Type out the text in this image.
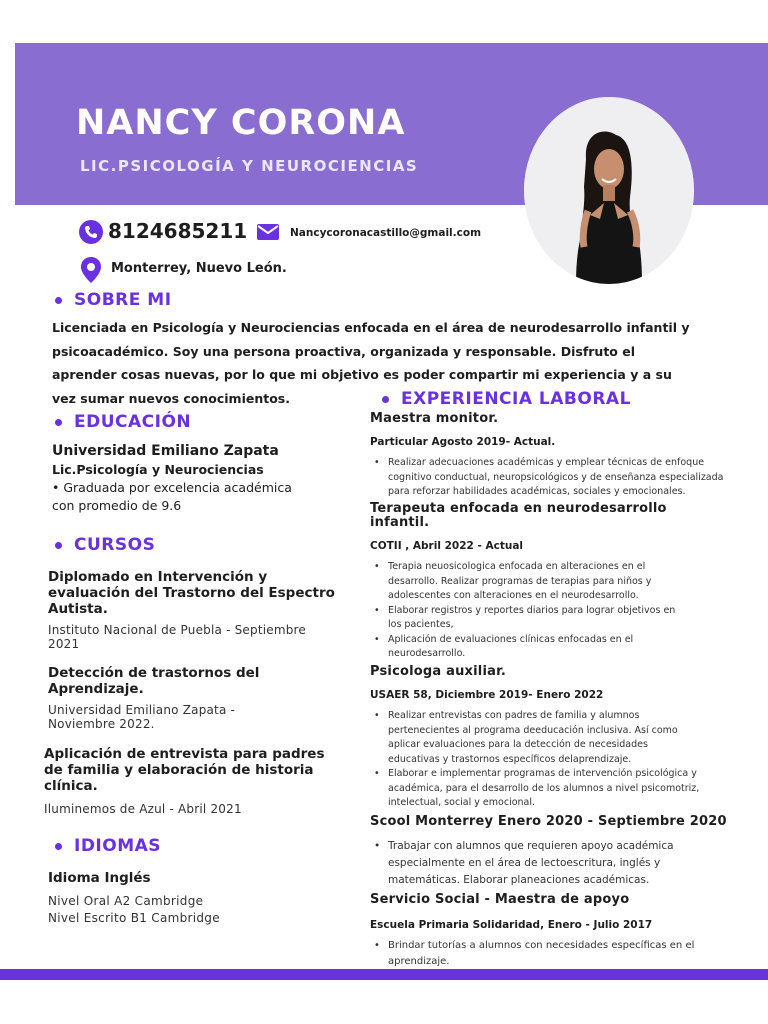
NANCY CORONA
LIC.PSICOLOGÍA Y NEUROCIENCIAS
8124685211	Nancycoronacastillo@gmail.com
Monterrey, Nuevo León.
SOBRE MI
Licenciada en Psicología y Neurociencias enfocada en el área de neurodesarrollo infantil y psicoacadémico. Soy una persona proactiva, organizada y responsable. Disfruto el aprender cosas nuevas, por lo que mi objetivo es poder compartir mi experiencia y a su vez sumar nuevos conocimientos.
EDUCACIÓN
Universidad Emiliano Zapata
Lic.Psicología y Neurociencias
• Graduada por excelencia académica con promedio de 9.6
CURSOS
Diplomado en Intervención y evaluación del Trastorno del Espectro Autista.
Instituto Nacional de Puebla - Septiembre 2021
Detección de trastornos del Aprendizaje.
Universidad Emiliano Zapata - Noviembre 2022.
Aplicación de entrevista para padres de familia y elaboración de historia clínica.
Iluminemos de Azul - Abril 2021
IDIOMAS
Idioma Inglés
Nivel Oral A2 Cambridge
Nivel Escrito B1 Cambridge
EXPERIENCIA LABORAL
Maestra monitor.
Particular Agosto 2019- Actual.
• Realizar adecuaciones académicas y emplear técnicas de enfoque cognitivo conductual, neuropsicológicos y de enseñanza especializada para reforzar habilidades académicas, sociales y emocionales.
Terapeuta enfocada en neurodesarrollo infantil.
COTII , Abril 2022 - Actual
• Terapia neuosicologica enfocada en alteraciones en el desarrollo. Realizar programas de terapias para niños y adolescentes con alteraciones en el neurodesarrollo.
• Elaborar registros y reportes diarios para lograr objetivos en los pacientes,
• Aplicación de evaluaciones clínicas enfocadas en el neurodesarrollo.
Psicologa auxiliar.
USAER 58, Diciembre 2019- Enero 2022
• Realizar entrevistas con padres de familia y alumnos pertenecientes al programa deeducación inclusiva. Así como aplicar evaluaciones para la detección de necesidades educativas y trastornos específicos delaprendizaje.
• Elaborar e implementar programas de intervención psicológica y académica, para el desarrollo de los alumnos a nivel psicomotriz, intelectual, social y emocional.
Scool Monterrey Enero 2020 - Septiembre 2020
• Trabajar con alumnos que requieren apoyo académica especialmente en el área de lectoescritura, inglés y matemáticas. Elaborar planeaciones académicas.
Servicio Social - Maestra de apoyo
Escuela Primaria Solidaridad, Enero - Julio 2017
• Brindar tutorías a alumnos con necesidades específicas en el aprendizaje.
